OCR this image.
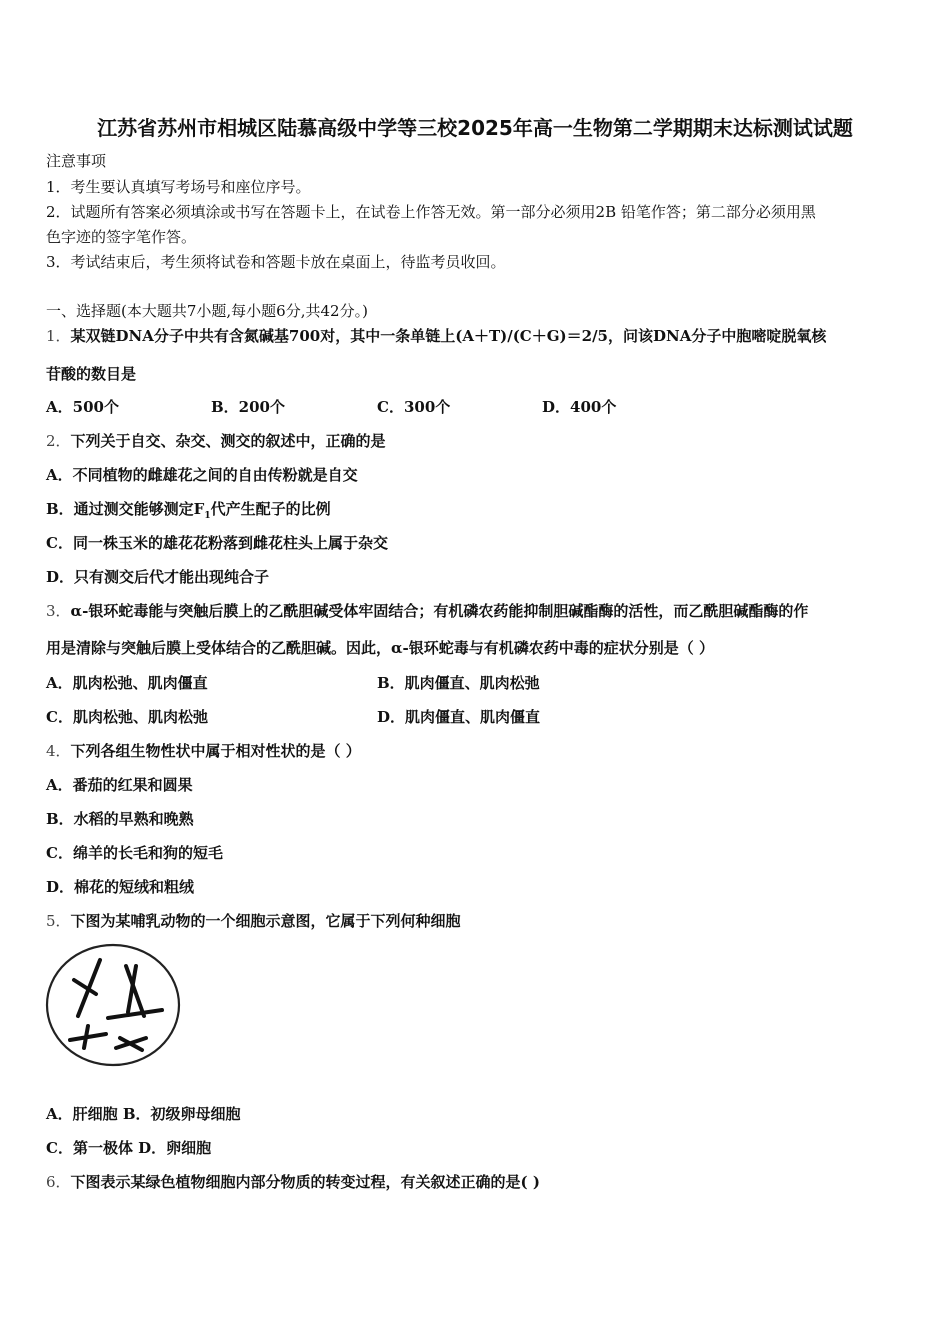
江苏省苏州市相城区陆慕高级中学等三校2025年高一生物第二学期期末达标测试试题
注意事项
1．考生要认真填写考场号和座位序号。
2．试题所有答案必须填涂或书写在答题卡上，在试卷上作答无效。第一部分必须用2B 铅笔作答；第二部分必须用黑
色字迹的签字笔作答。
3．考试结束后，考生须将试卷和答题卡放在桌面上，待监考员收回。
一、选择题(本大题共7小题,每小题6分,共42分。)
1．某双链DNA分子中共有含氮碱基700对，其中一条单链上(A＋T)/(C＋G)＝2/5，问该DNA分子中胞嘧啶脱氧核
苷酸的数目是
A．500个	B．200个	C．300个	D．400个
2．下列关于自交、杂交、测交的叙述中，正确的是
A．不同植物的雌雄花之间的自由传粉就是自交
B．通过测交能够测定$F_1$代产生配子的比例
C．同一株玉米的雄花花粉落到雌花柱头上属于杂交
D．只有测交后代才能出现纯合子
3．α-银环蛇毒能与突触后膜上的乙酰胆碱受体牢固结合；有机磷农药能抑制胆碱酯酶的活性，而乙酰胆碱酯酶的作
用是清除与突触后膜上受体结合的乙酰胆碱。因此，α-银环蛇毒与有机磷农药中毒的症状分别是（ ）
A．肌肉松弛、肌肉僵直	B．肌肉僵直、肌肉松弛
C．肌肉松弛、肌肉松弛	D．肌肉僵直、肌肉僵直
4．下列各组生物性状中属于相对性状的是（ ）
A．番茄的红果和圆果
B．水稻的早熟和晚熟
C．绵羊的长毛和狗的短毛
D．棉花的短绒和粗绒
5．下图为某哺乳动物的一个细胞示意图，它属于下列何种细胞
A．肝细胞 B．初级卵母细胞
C．第一极体 D．卵细胞
6．下图表示某绿色植物细胞内部分物质的转变过程，有关叙述正确的是( )
